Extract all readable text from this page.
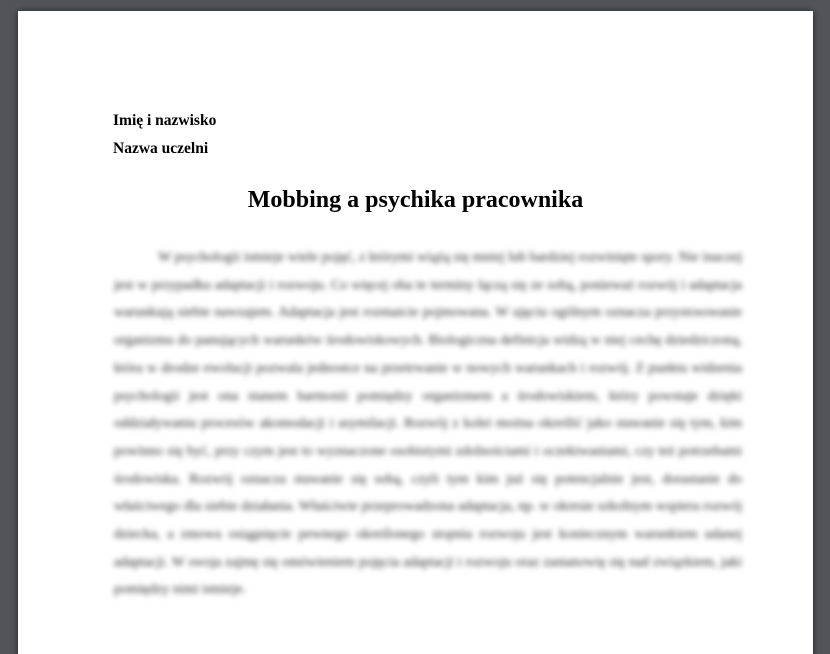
Imię i nazwisko
Nazwa uczelni

Mobbing a psychika pracownika

W psychologii istnieje wiele pojęć, z którymi wiążą się mniej lub bardziej rozwinięte spory. Nie inaczej jest w przypadku adaptacji i rozwoju. Co więcej oba te terminy łączą się ze sobą, ponieważ rozwój i adaptacja warunkują siebie nawzajem. Adaptacja jest rozmaicie pojmowana. W ujęciu ogólnym oznacza przystosowanie organizmu do panujących warunków środowiskowych. Biologiczna definicja widzą w niej cechę dziedziczoną, która w drodze ewolucji pozwala jednostce na przetrwanie w nowych warunkach i rozwój. Z punktu widzenia psychologii jest ona stanem harmonii pomiędzy organizmem a środowiskiem, który powstaje dzięki oddziaływaniu procesów akomodacji i asymilacji. Rozwój z kolei można określić jako stawanie się tym, kim powinno się być, przy czym jest to wyznaczone osobistymi zdolnościami i oczekiwaniami, czy też potrzebami środowiska. Rozwój oznacza stawanie się sobą, czyli tym kim już się potencjalnie jest, dorastanie do właściwego dla siebie działania. Właściwie przeprowadzona adaptacja, np. w okresie szkolnym wspiera rozwój dziecka, a zmowa osiągnięcie pewnego określonego stopnia rozwoju jest koniecznym warunkiem udanej adaptacji. W swoja zajmę się omówieniem pojęcia adaptacji i rozwoju oraz zastanowię się nad związkiem, jaki pomiędzy nimi istnieje.
